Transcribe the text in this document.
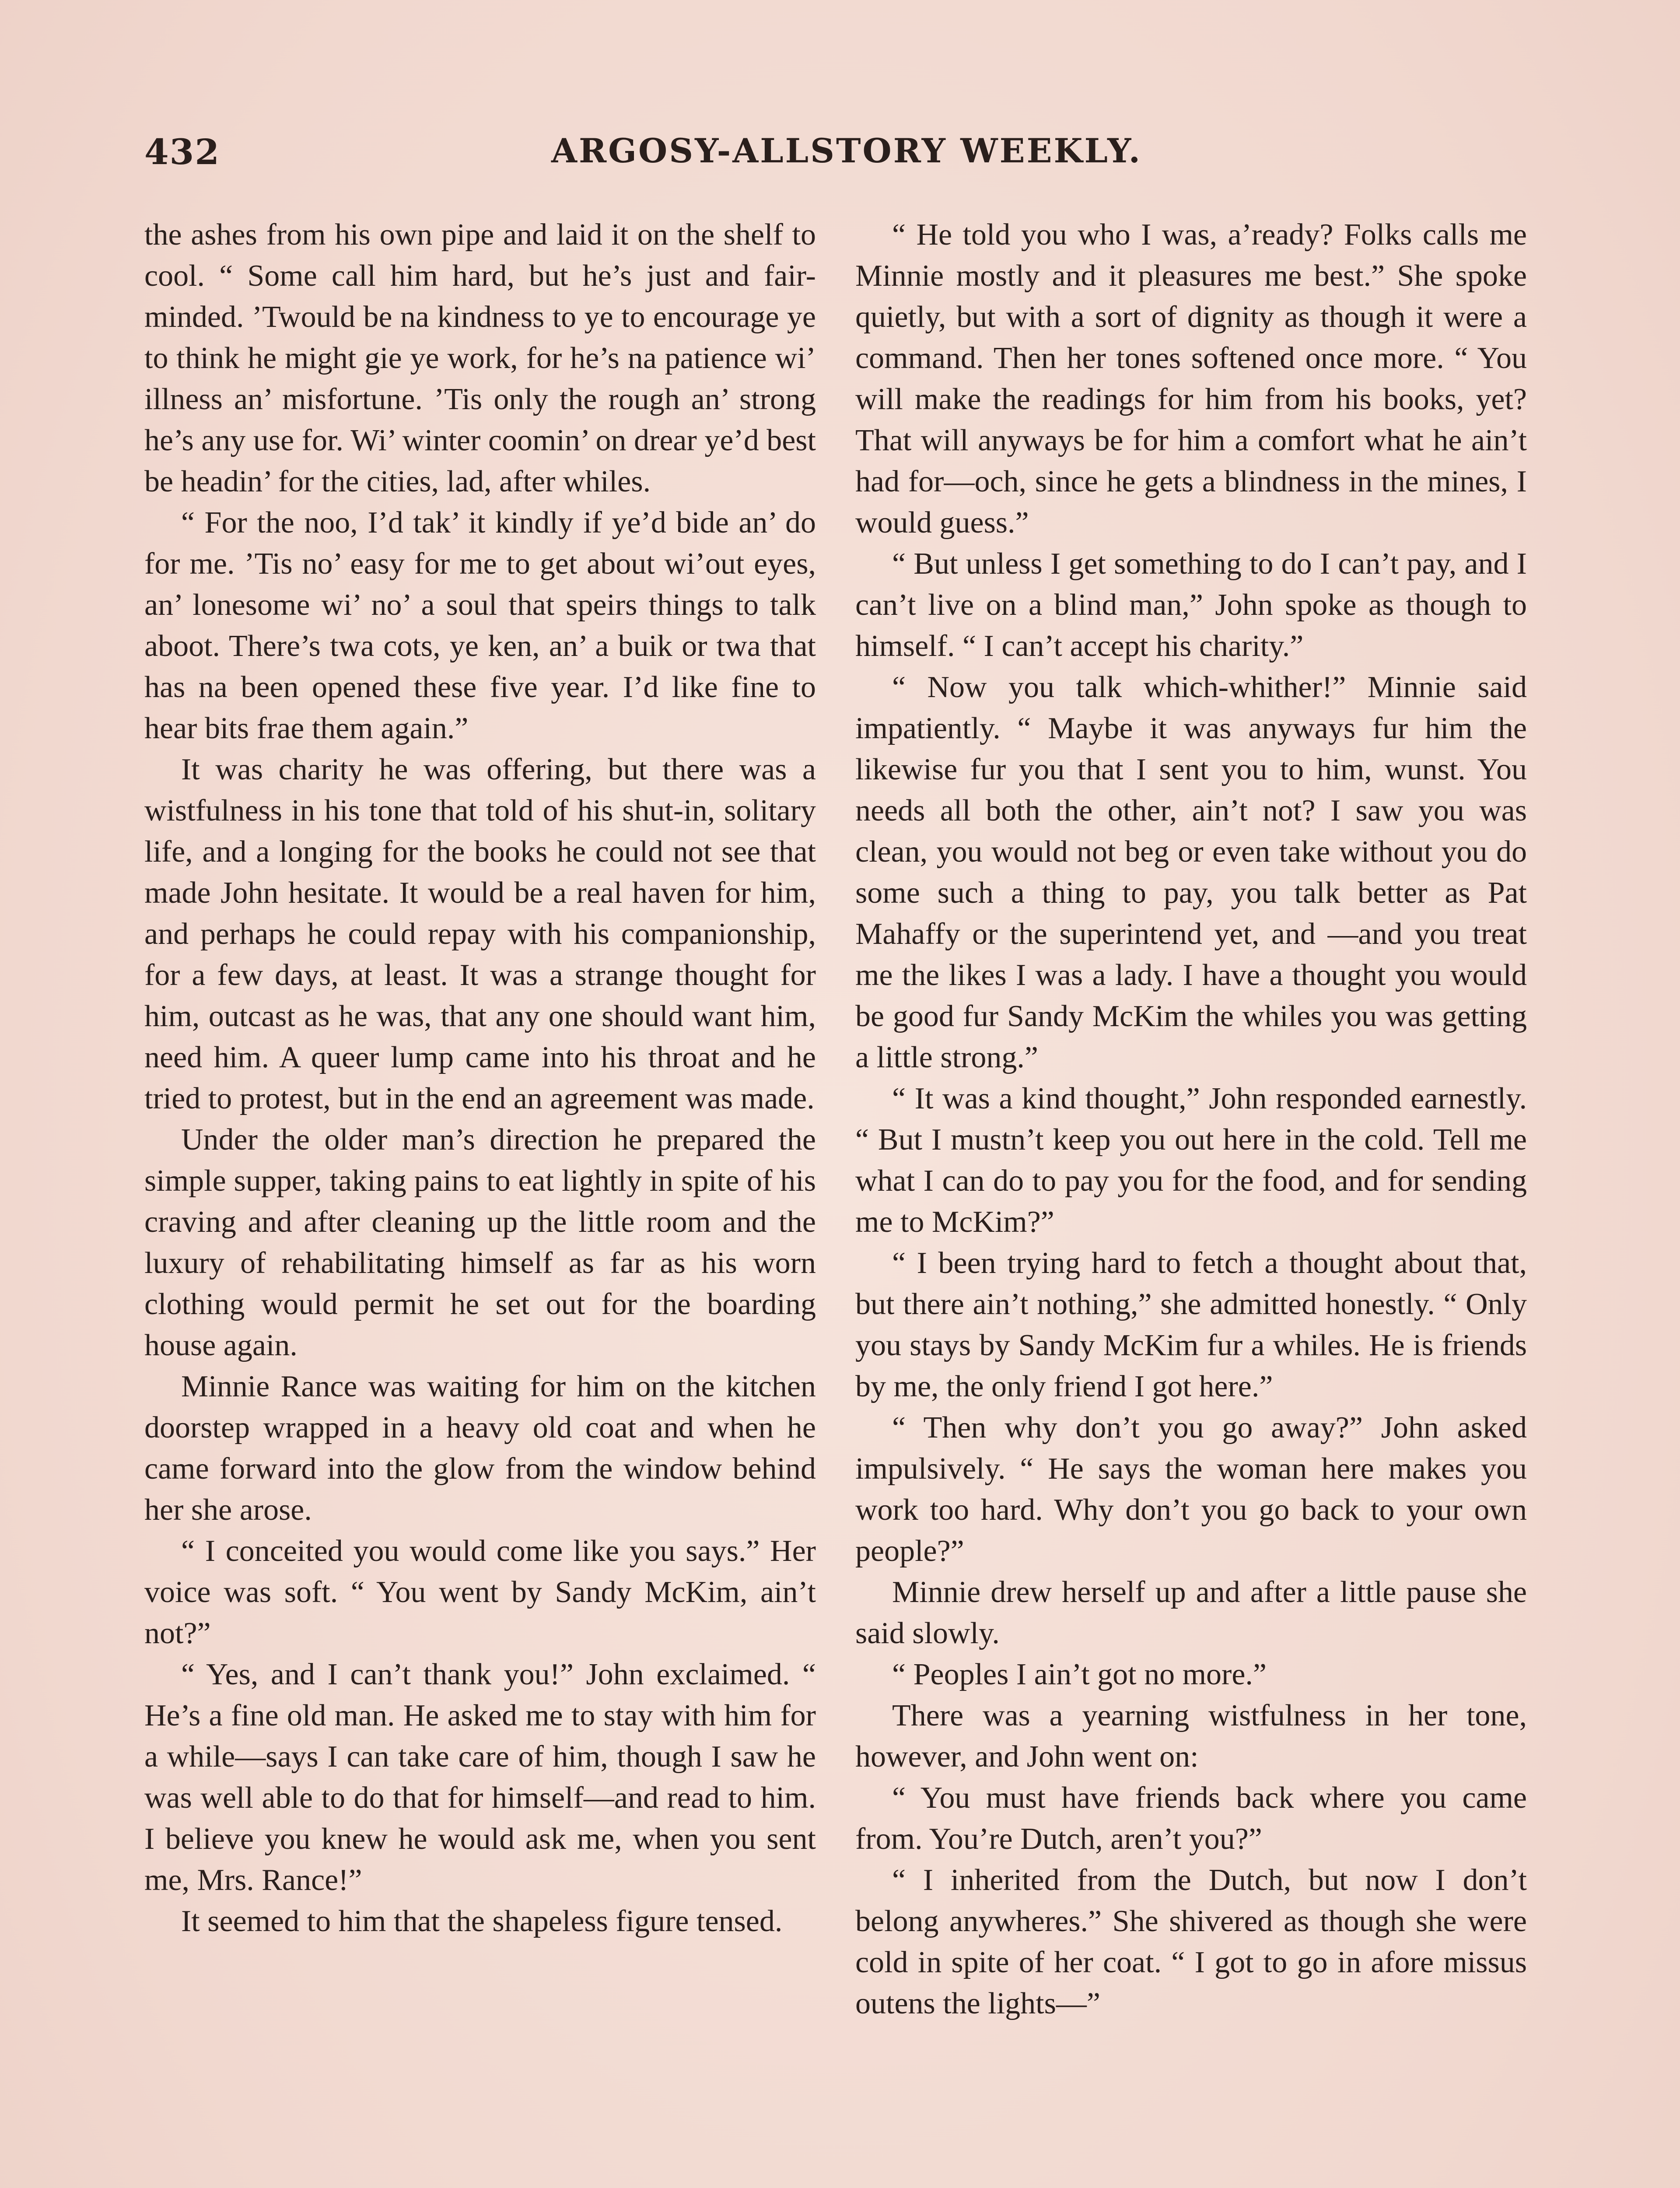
432	ARGOSY-ALLSTORY WEEKLY.

the ashes from his own pipe and laid it on the shelf to cool. “ Some call him hard, but he’s just and fair-minded. ’Twould be na kindness to ye to encourage ye to think he might gie ye work, for he’s na patience wi’ illness an’ misfortune. ’Tis only the rough an’ strong he’s any use for. Wi’ winter coomin’ on drear ye’d best be headin’ for the cities, lad, after whiles.

“ For the noo, I’d tak’ it kindly if ye’d bide an’ do for me. ’Tis no’ easy for me to get about wi’out eyes, an’ lonesome wi’ no’ a soul that speirs things to talk aboot. There’s twa cots, ye ken, an’ a buik or twa that has na been opened these five year. I’d like fine to hear bits frae them again.”

It was charity he was offering, but there was a wistfulness in his tone that told of his shut-in, solitary life, and a longing for the books he could not see that made John hesitate. It would be a real haven for him, and perhaps he could repay with his companionship, for a few days, at least. It was a strange thought for him, outcast as he was, that any one should want him, need him. A queer lump came into his throat and he tried to protest, but in the end an agreement was made.

Under the older man’s direction he prepared the simple supper, taking pains to eat lightly in spite of his craving and after cleaning up the little room and the luxury of rehabilitating himself as far as his worn clothing would permit he set out for the boarding house again.

Minnie Rance was waiting for him on the kitchen doorstep wrapped in a heavy old coat and when he came forward into the glow from the window behind her she arose.

“ I conceited you would come like you says.” Her voice was soft. “ You went by Sandy McKim, ain’t not?”

“ Yes, and I can’t thank you!” John exclaimed. “ He’s a fine old man. He asked me to stay with him for a while—says I can take care of him, though I saw he was well able to do that for himself—and read to him. I believe you knew he would ask me, when you sent me, Mrs. Rance!”

It seemed to him that the shapeless figure tensed.

“ He told you who I was, a’ready? Folks calls me Minnie mostly and it pleasures me best.” She spoke quietly, but with a sort of dignity as though it were a command. Then her tones softened once more. “ You will make the readings for him from his books, yet? That will anyways be for him a comfort what he ain’t had for—och, since he gets a blindness in the mines, I would guess.”

“ But unless I get something to do I can’t pay, and I can’t live on a blind man,” John spoke as though to himself. “ I can’t accept his charity.”

“ Now you talk which-whither!” Minnie said impatiently. “ Maybe it was anyways fur him the likewise fur you that I sent you to him, wunst. You needs all both the other, ain’t not? I saw you was clean, you would not beg or even take without you do some such a thing to pay, you talk better as Pat Mahaffy or the superintend yet, and —and you treat me the likes I was a lady. I have a thought you would be good fur Sandy McKim the whiles you was getting a little strong.”

“ It was a kind thought,” John responded earnestly. “ But I mustn’t keep you out here in the cold. Tell me what I can do to pay you for the food, and for sending me to McKim?”

“ I been trying hard to fetch a thought about that, but there ain’t nothing,” she admitted honestly. “ Only you stays by Sandy McKim fur a whiles. He is friends by me, the only friend I got here.”

“ Then why don’t you go away?” John asked impulsively. “ He says the woman here makes you work too hard. Why don’t you go back to your own people?”

Minnie drew herself up and after a little pause she said slowly.

“ Peoples I ain’t got no more.”

There was a yearning wistfulness in her tone, however, and John went on:

“ You must have friends back where you came from. You’re Dutch, aren’t you?”

“ I inherited from the Dutch, but now I don’t belong anywheres.” She shivered as though she were cold in spite of her coat. “ I got to go in afore missus outens the lights—”
